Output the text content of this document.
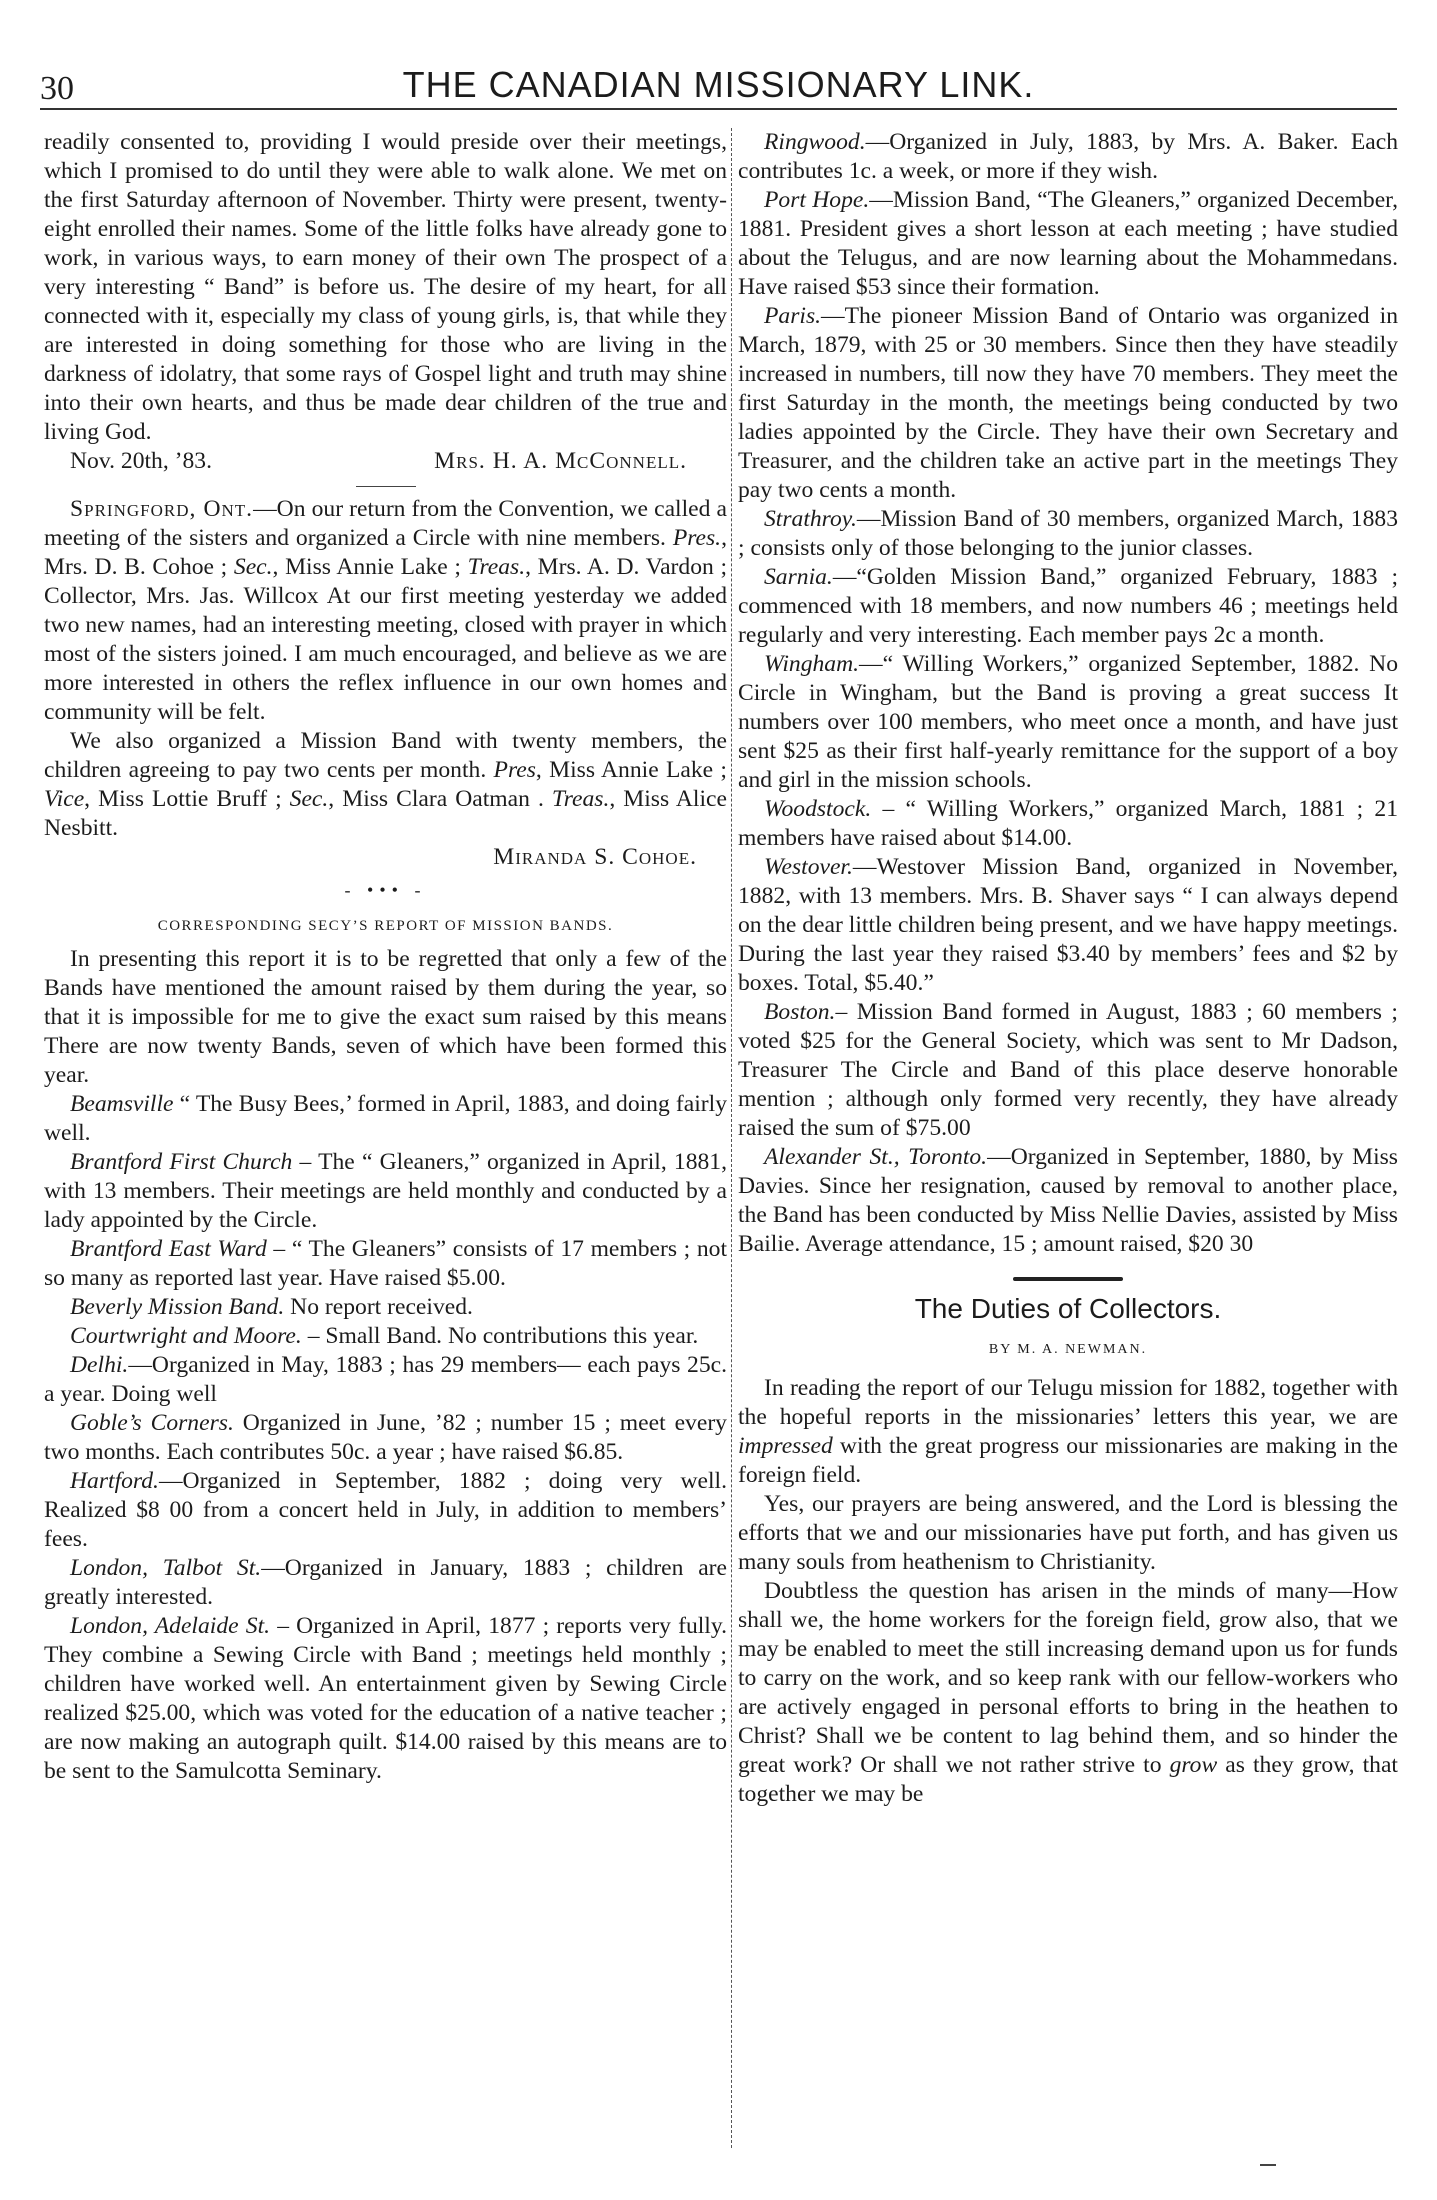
30	THE CANADIAN MISSIONARY LINK.

readily consented to, providing I would preside over their meetings, which I promised to do until they were able to walk alone. We met on the first Saturday afternoon of November. Thirty were present, twenty-eight enrolled their names. Some of the little folks have already gone to work, in various ways, to earn money of their own The prospect of a very interesting “ Band” is before us. The desire of my heart, for all connected with it, especially my class of young girls, is, that while they are interested in doing something for those who are living in the darkness of idolatry, that some rays of Gospel light and truth may shine into their own hearts, and thus be made dear children of the true and living God.

Nov. 20th, ’83.	Mrs. H. A. McConnell.

Springford, Ont.—On our return from the Convention, we called a meeting of the sisters and organized a Circle with nine members. Pres., Mrs. D. B. Cohoe ; Sec., Miss Annie Lake ; Treas., Mrs. A. D. Vardon ; Collector, Mrs. Jas. Willcox At our first meeting yesterday we added two new names, had an interesting meeting, closed with prayer in which most of the sisters joined. I am much encouraged, and believe as we are more interested in others the reflex influence in our own homes and community will be felt.

We also organized a Mission Band with twenty members, the children agreeing to pay two cents per month. Pres, Miss Annie Lake ; Vice, Miss Lottie Bruff ; Sec., Miss Clara Oatman . Treas., Miss Alice Nesbitt.

Miranda S. Cohoe.

- ••• -
CORRESPONDING SECY’S REPORT OF MISSION BANDS.

In presenting this report it is to be regretted that only a few of the Bands have mentioned the amount raised by them during the year, so that it is impossible for me to give the exact sum raised by this means There are now twenty Bands, seven of which have been formed this year.

Beamsville “ The Busy Bees,’ formed in April, 1883, and doing fairly well.

Brantford First Church – The “ Gleaners,” organized in April, 1881, with 13 members. Their meetings are held monthly and conducted by a lady appointed by the Circle.

Brantford East Ward – “ The Gleaners” consists of 17 members ; not so many as reported last year. Have raised $5.00.

Beverly Mission Band. No report received.

Courtwright and Moore. – Small Band. No contributions this year.

Delhi.—Organized in May, 1883 ; has 29 members— each pays 25c. a year. Doing well

Goble’s Corners. Organized in June, ’82 ; number 15 ; meet every two months. Each contributes 50c. a year ; have raised $6.85.

Hartford.—Organized in September, 1882 ; doing very well. Realized $8 00 from a concert held in July, in addition to members’ fees.

London, Talbot St.—Organized in January, 1883 ; children are greatly interested.

London, Adelaide St. – Organized in April, 1877 ; reports very fully. They combine a Sewing Circle with Band ; meetings held monthly ; children have worked well. An entertainment given by Sewing Circle realized $25.00, which was voted for the education of a native teacher ; are now making an autograph quilt. $14.00 raised by this means are to be sent to the Samulcotta Seminary.

Ringwood.—Organized in July, 1883, by Mrs. A. Baker. Each contributes 1c. a week, or more if they wish.

Port Hope.—Mission Band, “The Gleaners,” organized December, 1881. President gives a short lesson at each meeting ; have studied about the Telugus, and are now learning about the Mohammedans. Have raised $53 since their formation.

Paris.—The pioneer Mission Band of Ontario was organized in March, 1879, with 25 or 30 members. Since then they have steadily increased in numbers, till now they have 70 members. They meet the first Saturday in the month, the meetings being conducted by two ladies appointed by the Circle. They have their own Secretary and Treasurer, and the children take an active part in the meetings They pay two cents a month.

Strathroy.—Mission Band of 30 members, organized March, 1883 ; consists only of those belonging to the junior classes.

Sarnia.—“Golden Mission Band,” organized February, 1883 ; commenced with 18 members, and now numbers 46 ; meetings held regularly and very interesting. Each member pays 2c a month.

Wingham.—“ Willing Workers,” organized September, 1882. No Circle in Wingham, but the Band is proving a great success It numbers over 100 members, who meet once a month, and have just sent $25 as their first half-yearly remittance for the support of a boy and girl in the mission schools.

Woodstock. – “ Willing Workers,” organized March, 1881 ; 21 members have raised about $14.00.

Westover.—Westover Mission Band, organized in November, 1882, with 13 members. Mrs. B. Shaver says “ I can always depend on the dear little children being present, and we have happy meetings. During the last year they raised $3.40 by members’ fees and $2 by boxes. Total, $5.40.”

Boston.– Mission Band formed in August, 1883 ; 60 members ; voted $25 for the General Society, which was sent to Mr Dadson, Treasurer The Circle and Band of this place deserve honorable mention ; although only formed very recently, they have already raised the sum of $75.00

Alexander St., Toronto.—Organized in September, 1880, by Miss Davies. Since her resignation, caused by removal to another place, the Band has been conducted by Miss Nellie Davies, assisted by Miss Bailie. Average attendance, 15 ; amount raised, $20 30

The Duties of Collectors.
BY M. A. NEWMAN.

In reading the report of our Telugu mission for 1882, together with the hopeful reports in the missionaries’ letters this year, we are impressed with the great progress our missionaries are making in the foreign field.

Yes, our prayers are being answered, and the Lord is blessing the efforts that we and our missionaries have put forth, and has given us many souls from heathenism to Christianity.

Doubtless the question has arisen in the minds of many—How shall we, the home workers for the foreign field, grow also, that we may be enabled to meet the still increasing demand upon us for funds to carry on the work, and so keep rank with our fellow-workers who are actively engaged in personal efforts to bring in the heathen to Christ? Shall we be content to lag behind them, and so hinder the great work? Or shall we not rather strive to grow as they grow, that together we may be
